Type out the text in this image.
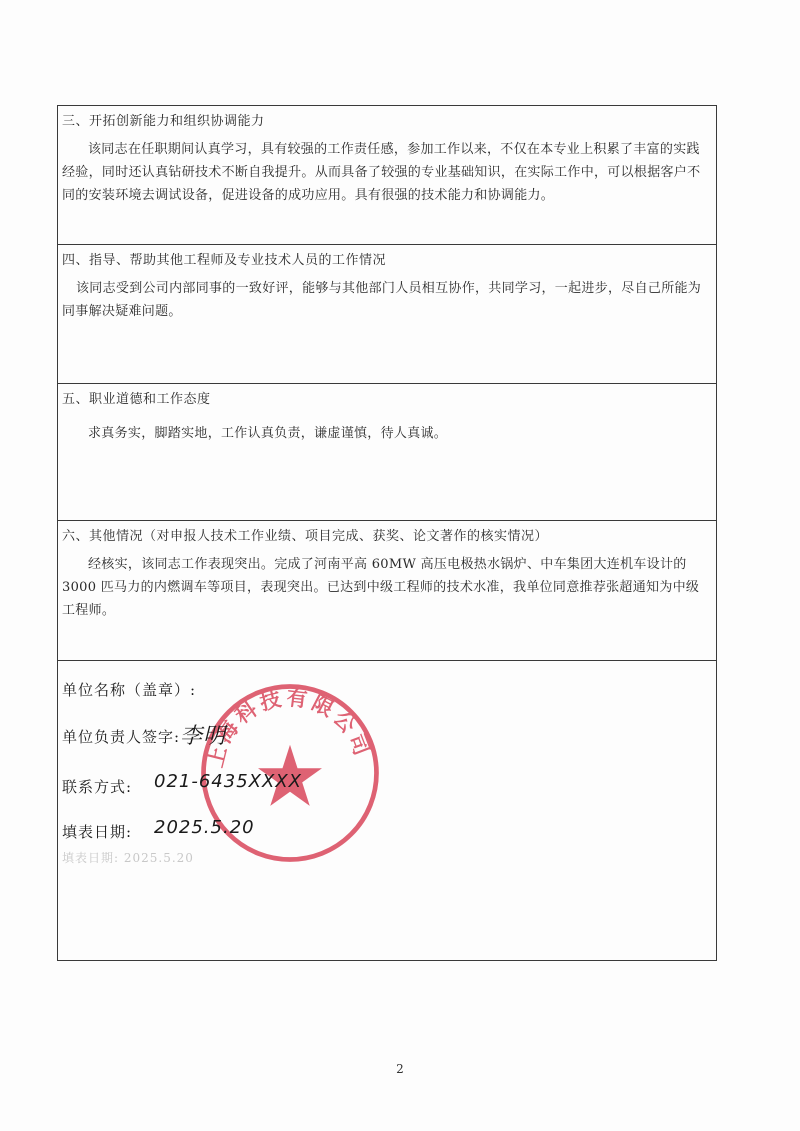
三、开拓创新能力和组织协调能力

该同志在任职期间认真学习，具有较强的工作责任感，参加工作以来，不仅在本专业上积累了丰富的实践经验，同时还认真钻研技术不断自我提升。从而具备了较强的专业基础知识，在实际工作中，可以根据客户不同的安装环境去调试设备，促进设备的成功应用。具有很强的技术能力和协调能力。

四、指导、帮助其他工程师及专业技术人员的工作情况

该同志受到公司内部同事的一致好评，能够与其他部门人员相互协作，共同学习，一起进步，尽自己所能为同事解决疑难问题。

五、职业道德和工作态度

求真务实，脚踏实地，工作认真负责，谦虚谨慎，待人真诚。

六、其他情况（对申报人技术工作业绩、项目完成、获奖、论文著作的核实情况）

经核实，该同志工作表现突出。完成了河南平高 60MW 高压电极热水锅炉、中车集团大连机车设计的 3000 匹马力的内燃调车等项目，表现突出。已达到中级工程师的技术水准，我单位同意推荐张超通知为中级工程师。

上海科技有限公司
单位名称（盖章）:
单位负责人签字: 李明
联系方式: 021-6435XXXX
填表日期: 2025.5.20
填表日期: 2025.5.20
2
